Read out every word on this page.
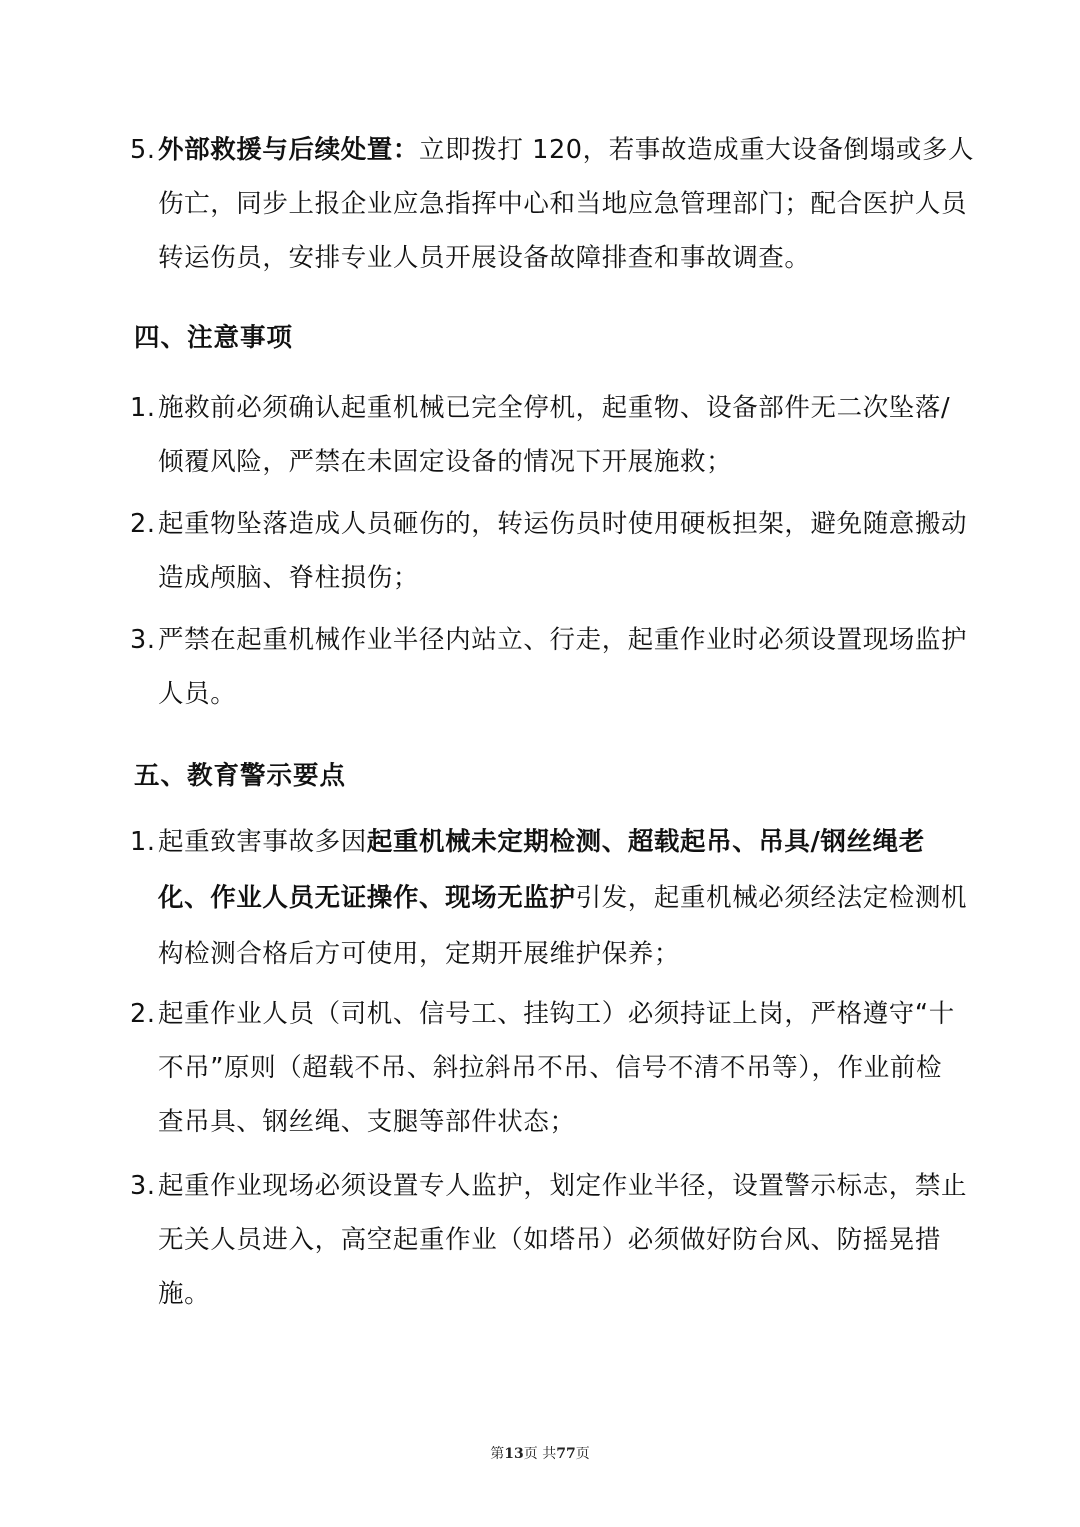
5.外部救援与后续处置：立即拨打 120，若事故造成重大设备倒塌或多人
伤亡，同步上报企业应急指挥中心和当地应急管理部门；配合医护人员
转运伤员，安排专业人员开展设备故障排查和事故调查。
四、注意事项
1.施救前必须确认起重机械已完全停机，起重物、设备部件无二次坠落/
倾覆风险，严禁在未固定设备的情况下开展施救；
2.起重物坠落造成人员砸伤的，转运伤员时使用硬板担架，避免随意搬动
造成颅脑、脊柱损伤；
3.严禁在起重机械作业半径内站立、行走，起重作业时必须设置现场监护
人员。
五、教育警示要点
1.起重致害事故多因起重机械未定期检测、超载起吊、吊具/钢丝绳老
化、作业人员无证操作、现场无监护引发，起重机械必须经法定检测机
构检测合格后方可使用，定期开展维护保养；
2.起重作业人员（司机、信号工、挂钩工）必须持证上岗，严格遵守“十
不吊”原则（超载不吊、斜拉斜吊不吊、信号不清不吊等），作业前检
查吊具、钢丝绳、支腿等部件状态；
3.起重作业现场必须设置专人监护，划定作业半径，设置警示标志，禁止
无关人员进入，高空起重作业（如塔吊）必须做好防台风、防摇晃措
施。
第13页 共77页
